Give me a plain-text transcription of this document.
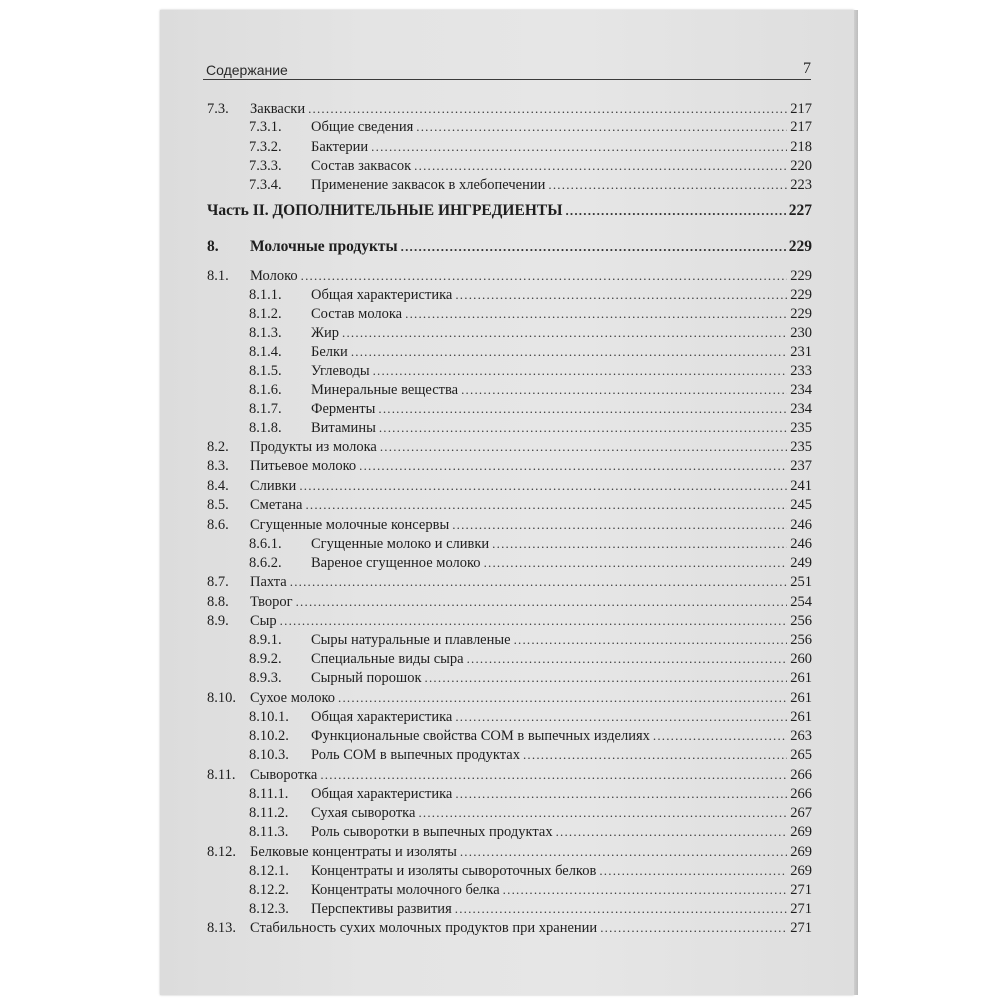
Содержание	7
7.3.	Закваски .....	217
7.3.1.	Общие сведения .....	217
7.3.2.	Бактерии .....	218
7.3.3.	Состав заквасок .....	220
7.3.4.	Применение заквасок в хлебопечении .....	223
Часть II. ДОПОЛНИТЕЛЬНЫЕ ИНГРЕДИЕНТЫ .....	227
8.	Молочные продукты .....	229
8.1.	Молоко .....	229
8.1.1.	Общая характеристика .....	229
8.1.2.	Состав молока .....	229
8.1.3.	Жир .....	230
8.1.4.	Белки .....	231
8.1.5.	Углеводы .....	233
8.1.6.	Минеральные вещества .....	234
8.1.7.	Ферменты .....	234
8.1.8.	Витамины .....	235
8.2.	Продукты из молока .....	235
8.3.	Питьевое молоко .....	237
8.4.	Сливки .....	241
8.5.	Сметана .....	245
8.6.	Сгущенные молочные консервы .....	246
8.6.1.	Сгущенные молоко и сливки .....	246
8.6.2.	Вареное сгущенное молоко .....	249
8.7.	Пахта .....	251
8.8.	Творог .....	254
8.9.	Сыр .....	256
8.9.1.	Сыры натуральные и плавленые .....	256
8.9.2.	Специальные виды сыра .....	260
8.9.3.	Сырный порошок .....	261
8.10. Сухое молоко .....	261
8.10.1.	Общая характеристика .....	261
8.10.2.	Функциональные свойства СОМ в выпечных изделиях .....	263
8.10.3.	Роль СОМ в выпечных продуктах .....	265
8.11.	Сыворотка .....	266
8.11.1.	Общая характеристика .....	266
8.11.2.	Сухая сыворотка .....	267
8.11.3.	Роль сыворотки в выпечных продуктах .....	269
8.12. Белковые концентраты и изоляты .....	269
8.12.1.	Концентраты и изоляты сывороточных белков .....	269
8.12.2.	Концентраты молочного белка .....	271
8.12.3.	Перспективы развития .....	271
8.13. Стабильность сухих молочных продуктов при хранении .....	271
